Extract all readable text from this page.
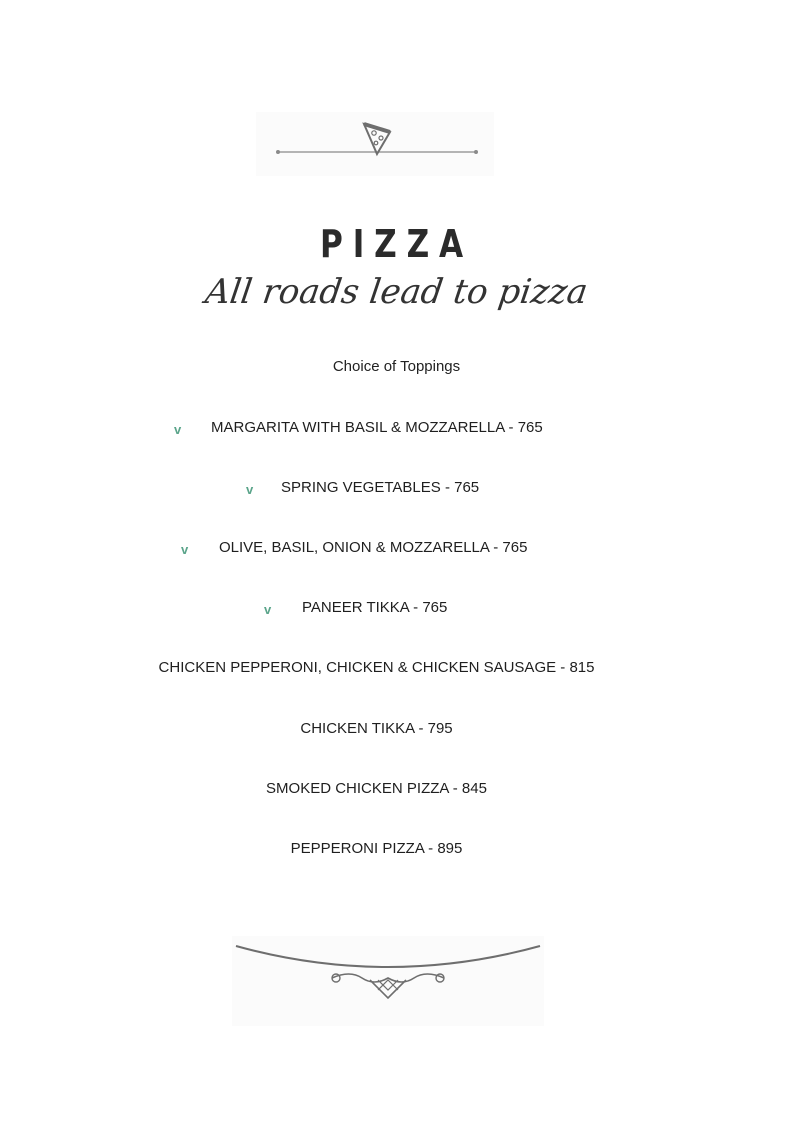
PIZZA
All roads lead to pizza
Choice of Toppings
v MARGARITA WITH BASIL & MOZZARELLA - 765
v SPRING VEGETABLES - 765
v OLIVE, BASIL, ONION & MOZZARELLA - 765
v PANEER TIKKA - 765
CHICKEN PEPPERONI, CHICKEN & CHICKEN SAUSAGE - 815
CHICKEN TIKKA - 795
SMOKED CHICKEN PIZZA - 845
PEPPERONI PIZZA - 895
